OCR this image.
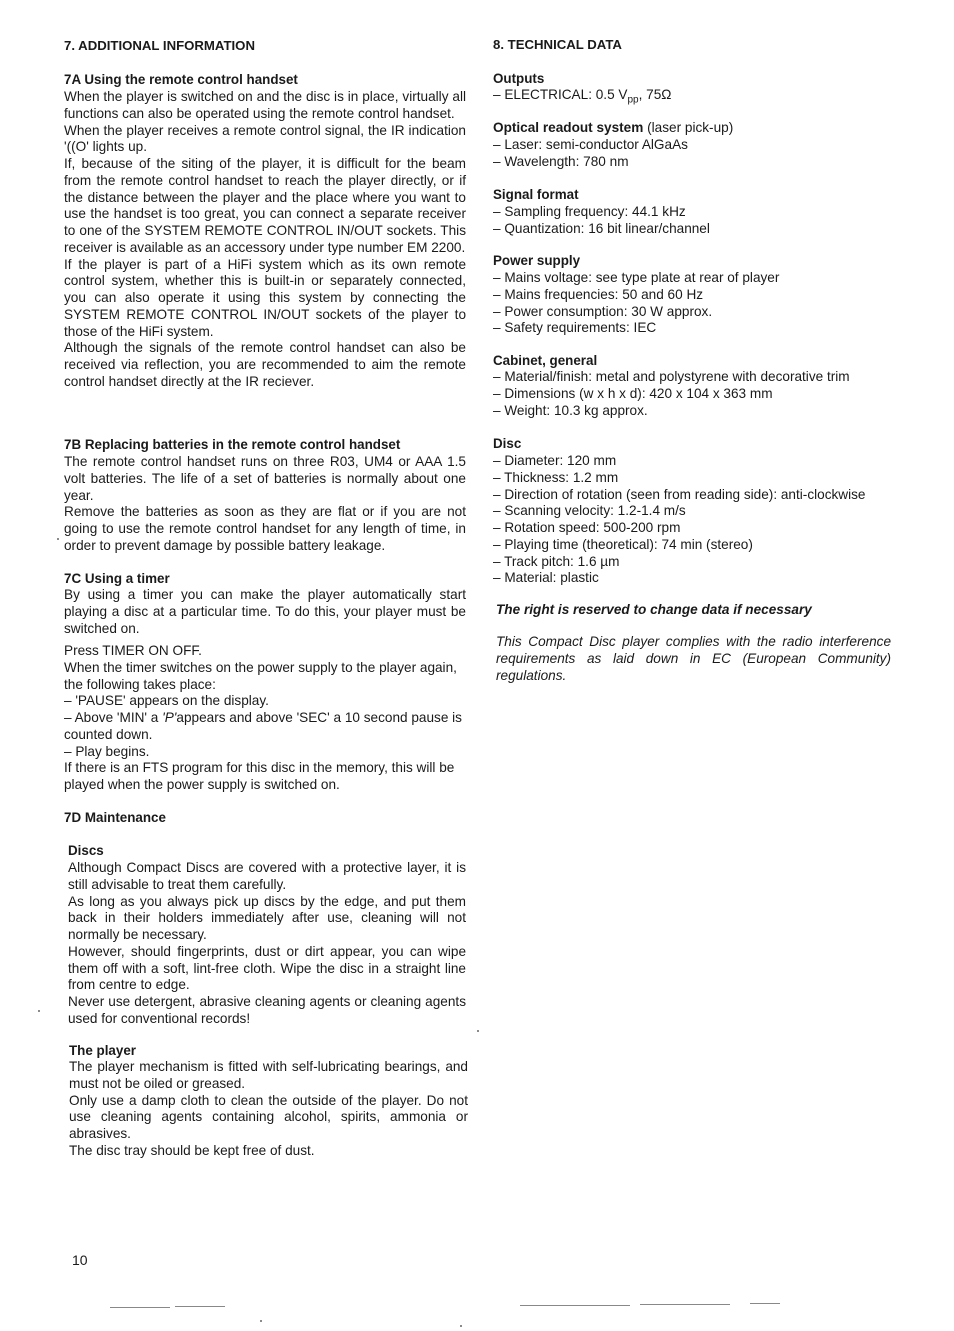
7. ADDITIONAL INFORMATION
7A Using the remote control handset

When the player is switched on and the disc is in place, virtually all functions can also be operated using the remote control handset.

When the player receives a remote control signal, the IR indication '((O' lights up.

If, because of the siting of the player, it is difficult for the beam from the remote control handset to reach the player directly, or if the distance between the player and the place where you want to use the handset is too great, you can connect a separate receiver to one of the SYSTEM REMOTE CONTROL IN/OUT sockets. This receiver is available as an accessory under type number EM 2200.

If the player is part of a HiFi system which as its own remote control system, whether this is built-in or separately connected, you can also operate it using this system by connecting the SYSTEM REMOTE CONTROL IN/OUT sockets of the player to those of the HiFi system.

Although the signals of the remote control handset can also be received via reflection, you are recommended to aim the remote control handset directly at the IR reciever.

7B Replacing batteries in the remote control handset

The remote control handset runs on three R03, UM4 or AAA 1.5 volt batteries. The life of a set of batteries is normally about one year.

Remove the batteries as soon as they are flat or if you are not going to use the remote control handset for any length of time, in order to prevent damage by possible battery leakage.

7C Using a timer

By using a timer you can make the player automatically start playing a disc at a particular time. To do this, your player must be switched on.

Press TIMER ON OFF.

When the timer switches on the power supply to the player again, the following takes place:

– 'PAUSE' appears on the display.

– Above 'MIN' a 'P'appears and above 'SEC' a 10 second pause is counted down.

– Play begins.

If there is an FTS program for this disc in the memory, this will be played when the power supply is switched on.

7D Maintenance
Discs

Although Compact Discs are covered with a protective layer, it is still advisable to treat them carefully.

As long as you always pick up discs by the edge, and put them back in their holders immediately after use, cleaning will not normally be necessary.

However, should fingerprints, dust or dirt appear, you can wipe them off with a soft, lint-free cloth. Wipe the disc in a straight line from centre to edge.

Never use detergent, abrasive cleaning agents or cleaning agents used for conventional records!

The player

The player mechanism is fitted with self-lubricating bearings, and must not be oiled or greased.

Only use a damp cloth to clean the outside of the player. Do not use cleaning agents containing alcohol, spirits, ammonia or abrasives.

The disc tray should be kept free of dust.

8. TECHNICAL DATA
Outputs

– ELECTRICAL: 0.5 $V_{pp}$, 75Ω

Optical readout system (laser pick-up)

– Laser: semi-conductor AlGaAs

– Wavelength: 780 nm

Signal format

– Sampling frequency: 44.1 kHz

– Quantization: 16 bit linear/channel

Power supply

– Mains voltage: see type plate at rear of player

– Mains frequencies: 50 and 60 Hz

– Power consumption: 30 W approx.

– Safety requirements: IEC

Cabinet, general

– Material/finish: metal and polystyrene with decorative trim

– Dimensions (w x h x d): 420 x 104 x 363 mm

– Weight: 10.3 kg approx.

Disc

– Diameter: 120 mm

– Thickness: 1.2 mm

– Direction of rotation (seen from reading side): anti-clockwise

– Scanning velocity: 1.2-1.4 m/s

– Rotation speed: 500-200 rpm

– Playing time (theoretical): 74 min (stereo)

– Track pitch: 1.6 µm

– Material: plastic

The right is reserved to change data if necessary

This Compact Disc player complies with the radio interference requirements as laid down in EC (European Community) regulations.

10
